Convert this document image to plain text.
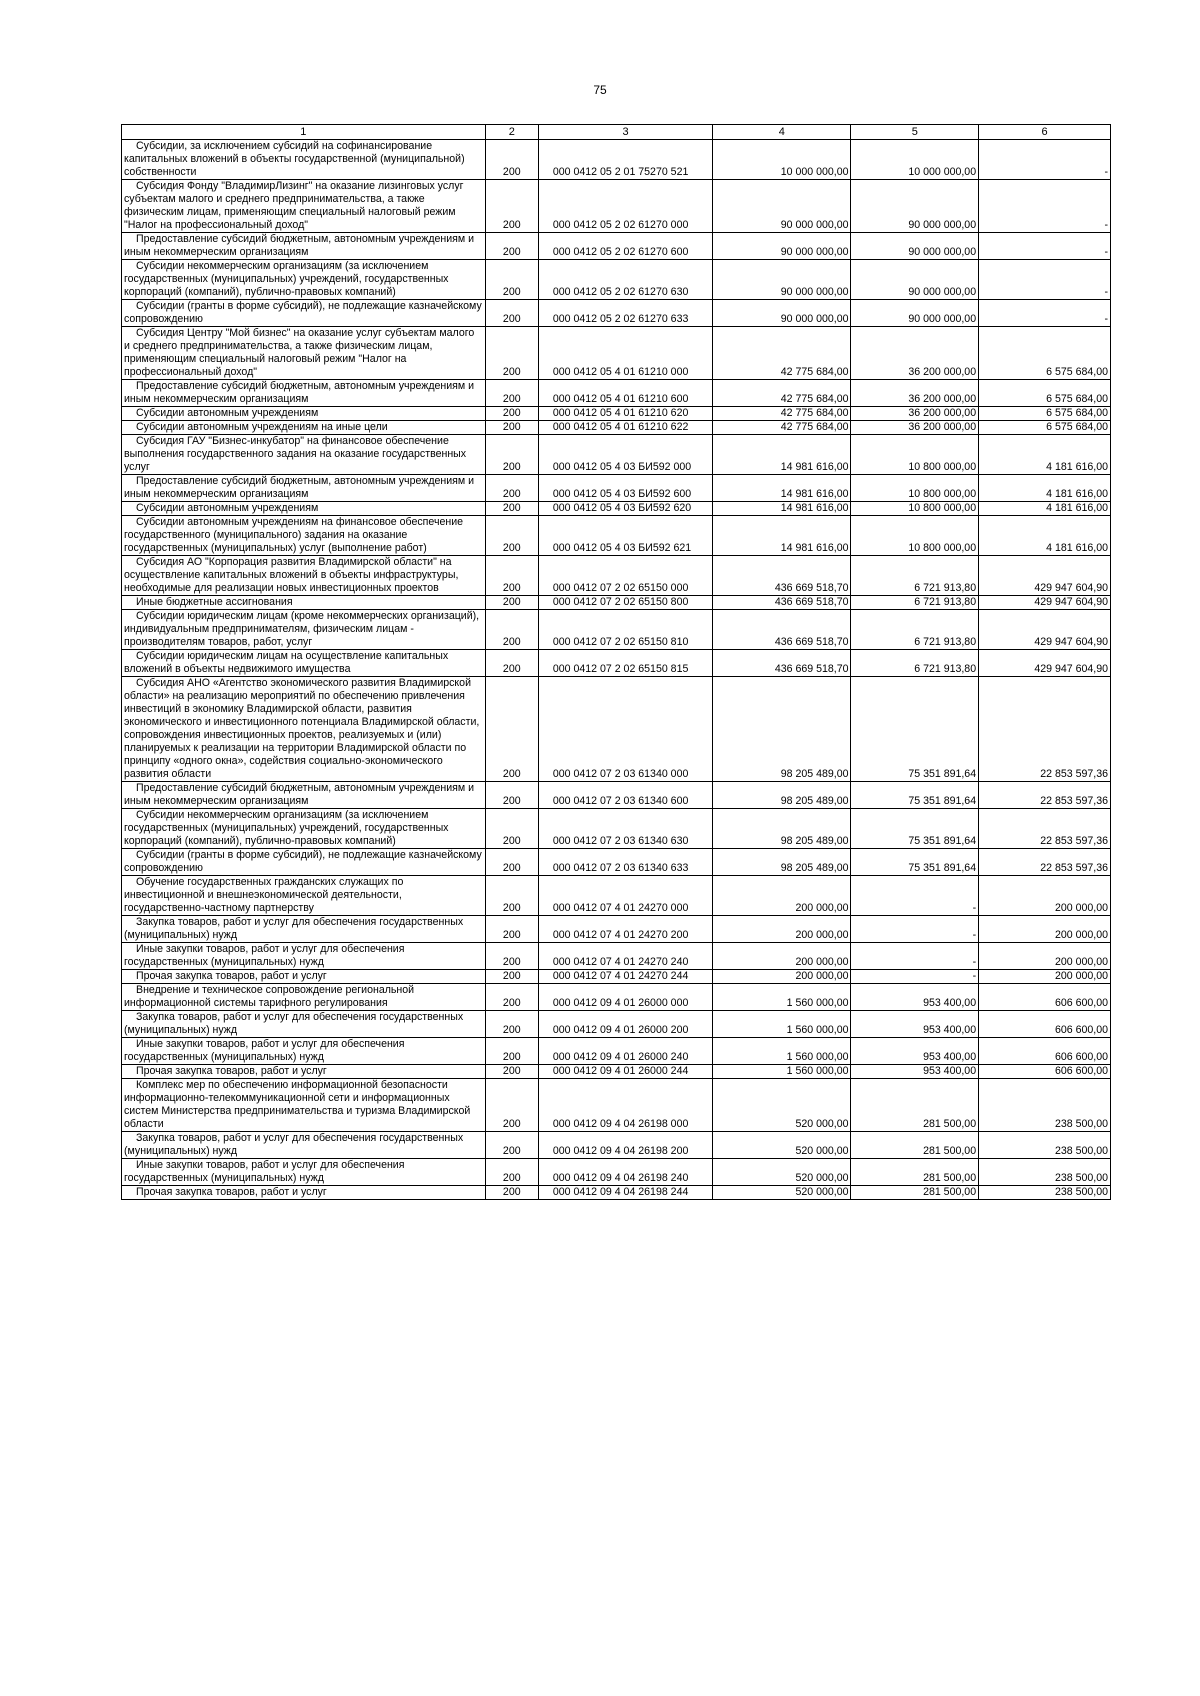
75
1	2	3	4	5	6
Субсидии, за исключением субсидий на софинансирование капитальных вложений в объекты государственной (муниципальной) собственности	200	000 0412 05 2 01 75270 521	10 000 000,00	10 000 000,00	-
Субсидия Фонду "ВладимирЛизинг" на оказание лизинговых услуг субъектам малого и среднего предпринимательства, а также физическим лицам, применяющим специальный налоговый режим "Налог на профессиональный доход"	200	000 0412 05 2 02 61270 000	90 000 000,00	90 000 000,00	-
Предоставление субсидий бюджетным, автономным учреждениям и иным некоммерческим организациям	200	000 0412 05 2 02 61270 600	90 000 000,00	90 000 000,00	-
Субсидии некоммерческим организациям (за исключением государственных (муниципальных) учреждений, государственных корпораций (компаний), публично-правовых компаний)	200	000 0412 05 2 02 61270 630	90 000 000,00	90 000 000,00	-
Субсидии (гранты в форме субсидий), не подлежащие казначейскому сопровождению	200	000 0412 05 2 02 61270 633	90 000 000,00	90 000 000,00	-
Субсидия Центру "Мой бизнес" на оказание услуг субъектам малого и среднего предпринимательства, а также физическим лицам, применяющим специальный налоговый режим "Налог на профессиональный доход"	200	000 0412 05 4 01 61210 000	42 775 684,00	36 200 000,00	6 575 684,00
Предоставление субсидий бюджетным, автономным учреждениям и иным некоммерческим организациям	200	000 0412 05 4 01 61210 600	42 775 684,00	36 200 000,00	6 575 684,00
Субсидии автономным учреждениям	200	000 0412 05 4 01 61210 620	42 775 684,00	36 200 000,00	6 575 684,00
Субсидии автономным учреждениям на иные цели	200	000 0412 05 4 01 61210 622	42 775 684,00	36 200 000,00	6 575 684,00
Субсидия ГАУ "Бизнес-инкубатор" на финансовое обеспечение выполнения государственного задания на оказание государственных услуг	200	000 0412 05 4 03 БИ592 000	14 981 616,00	10 800 000,00	4 181 616,00
Предоставление субсидий бюджетным, автономным учреждениям и иным некоммерческим организациям	200	000 0412 05 4 03 БИ592 600	14 981 616,00	10 800 000,00	4 181 616,00
Субсидии автономным учреждениям	200	000 0412 05 4 03 БИ592 620	14 981 616,00	10 800 000,00	4 181 616,00
Субсидии автономным учреждениям на финансовое обеспечение государственного (муниципального) задания на оказание государственных (муниципальных) услуг (выполнение работ)	200	000 0412 05 4 03 БИ592 621	14 981 616,00	10 800 000,00	4 181 616,00
Субсидия АО "Корпорация развития Владимирской области" на осуществление капитальных вложений в объекты инфраструктуры, необходимые для реализации новых инвестиционных проектов	200	000 0412 07 2 02 65150 000	436 669 518,70	6 721 913,80	429 947 604,90
Иные бюджетные ассигнования	200	000 0412 07 2 02 65150 800	436 669 518,70	6 721 913,80	429 947 604,90
Субсидии юридическим лицам (кроме некоммерческих организаций), индивидуальным предпринимателям, физическим лицам - производителям товаров, работ, услуг	200	000 0412 07 2 02 65150 810	436 669 518,70	6 721 913,80	429 947 604,90
Субсидии юридическим лицам на осуществление капитальных вложений в объекты недвижимого имущества	200	000 0412 07 2 02 65150 815	436 669 518,70	6 721 913,80	429 947 604,90
Субсидия АНО «Агентство экономического развития Владимирской области» на реализацию мероприятий по обеспечению привлечения инвестиций в экономику Владимирской области, развития экономического и инвестиционного потенциала Владимирской области, сопровождения инвестиционных проектов, реализуемых и (или) планируемых к реализации на территории Владимирской области по принципу «одного окна», содействия социально-экономического развития области	200	000 0412 07 2 03 61340 000	98 205 489,00	75 351 891,64	22 853 597,36
Предоставление субсидий бюджетным, автономным учреждениям и иным некоммерческим организациям	200	000 0412 07 2 03 61340 600	98 205 489,00	75 351 891,64	22 853 597,36
Субсидии некоммерческим организациям (за исключением государственных (муниципальных) учреждений, государственных корпораций (компаний), публично-правовых компаний)	200	000 0412 07 2 03 61340 630	98 205 489,00	75 351 891,64	22 853 597,36
Субсидии (гранты в форме субсидий), не подлежащие казначейскому сопровождению	200	000 0412 07 2 03 61340 633	98 205 489,00	75 351 891,64	22 853 597,36
Обучение государственных гражданских служащих по инвестиционной и внешнеэкономической деятельности, государственно-частному партнерству	200	000 0412 07 4 01 24270 000	200 000,00	-	200 000,00
Закупка товаров, работ и услуг для обеспечения государственных (муниципальных) нужд	200	000 0412 07 4 01 24270 200	200 000,00	-	200 000,00
Иные закупки товаров, работ и услуг для обеспечения государственных (муниципальных) нужд	200	000 0412 07 4 01 24270 240	200 000,00	-	200 000,00
Прочая закупка товаров, работ и услуг	200	000 0412 07 4 01 24270 244	200 000,00	-	200 000,00
Внедрение и техническое сопровождение региональной информационной системы тарифного регулирования	200	000 0412 09 4 01 26000 000	1 560 000,00	953 400,00	606 600,00
Закупка товаров, работ и услуг для обеспечения государственных (муниципальных) нужд	200	000 0412 09 4 01 26000 200	1 560 000,00	953 400,00	606 600,00
Иные закупки товаров, работ и услуг для обеспечения государственных (муниципальных) нужд	200	000 0412 09 4 01 26000 240	1 560 000,00	953 400,00	606 600,00
Прочая закупка товаров, работ и услуг	200	000 0412 09 4 01 26000 244	1 560 000,00	953 400,00	606 600,00
Комплекс мер по обеспечению информационной безопасности информационно-телекоммуникационной сети и информационных систем Министерства предпринимательства и туризма Владимирской области	200	000 0412 09 4 04 26198 000	520 000,00	281 500,00	238 500,00
Закупка товаров, работ и услуг для обеспечения государственных (муниципальных) нужд	200	000 0412 09 4 04 26198 200	520 000,00	281 500,00	238 500,00
Иные закупки товаров, работ и услуг для обеспечения государственных (муниципальных) нужд	200	000 0412 09 4 04 26198 240	520 000,00	281 500,00	238 500,00
Прочая закупка товаров, работ и услуг	200	000 0412 09 4 04 26198 244	520 000,00	281 500,00	238 500,00
